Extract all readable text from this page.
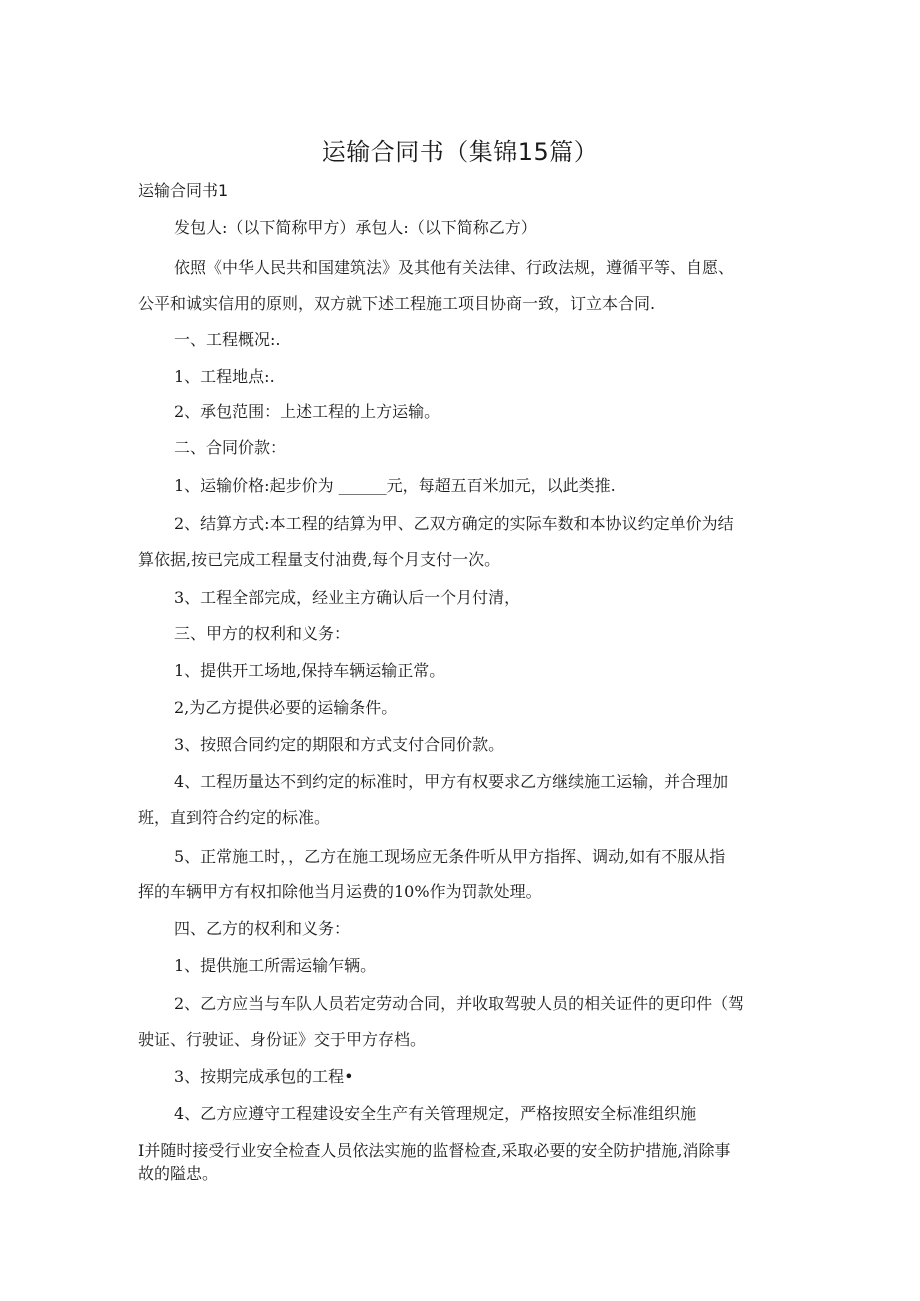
运输合同书（集锦15篇）
运输合同书1
发包人:（以下简称甲方）承包人:（以下简称乙方）
依照《中华人民共和国建筑法》及其他有关法律、行政法规，遵循平等、自愿、
公平和诚实信用的原则，双方就下述工程施工项目协商一致，订立本合同.
一、工程概况:.
1、工程地点:.
2、承包范围：上述工程的上方运输。
二、合同价款：
1、运输价格:起步价为 ______元，每超五百米加元，以此类推.
2、结算方式:本工程的结算为甲、乙双方确定的实际车数和本协议约定单价为结
算依据,按已完成工程量支付油费,每个月支付一次。
3、工程全部完成，经业主方确认后一个月付清，
三、甲方的权利和义务：
1、提供开工场地,保持车辆运输正常。
2,为乙方提供必要的运输条件。
3、按照合同约定的期限和方式支付合同价款。
4、工程历量达不到约定的标准时，甲方有权要求乙方继续施工运输，并合理加
班，直到符合约定的标准。
5、正常施工时，，乙方在施工现场应无条件听从甲方指挥、调动,如有不服从指
挥的车辆甲方有权扣除他当月运费的10%作为罚款处理。
四、乙方的权利和义务：
1、提供施工所需运输乍辆。
2、乙方应当与车队人员若定劳动合同，并收取驾驶人员的相关证件的更印件（驾
驶证、行驶证、身份证》交于甲方存档。
3、按期完成承包的工程•
4、乙方应遵守工程建设安全生产有关管理规定，严格按照安全标准组织施
I并随时接受行业安全检查人员依法实施的监督检查,采取必要的安全防护措施,消除事
故的隘忠。
